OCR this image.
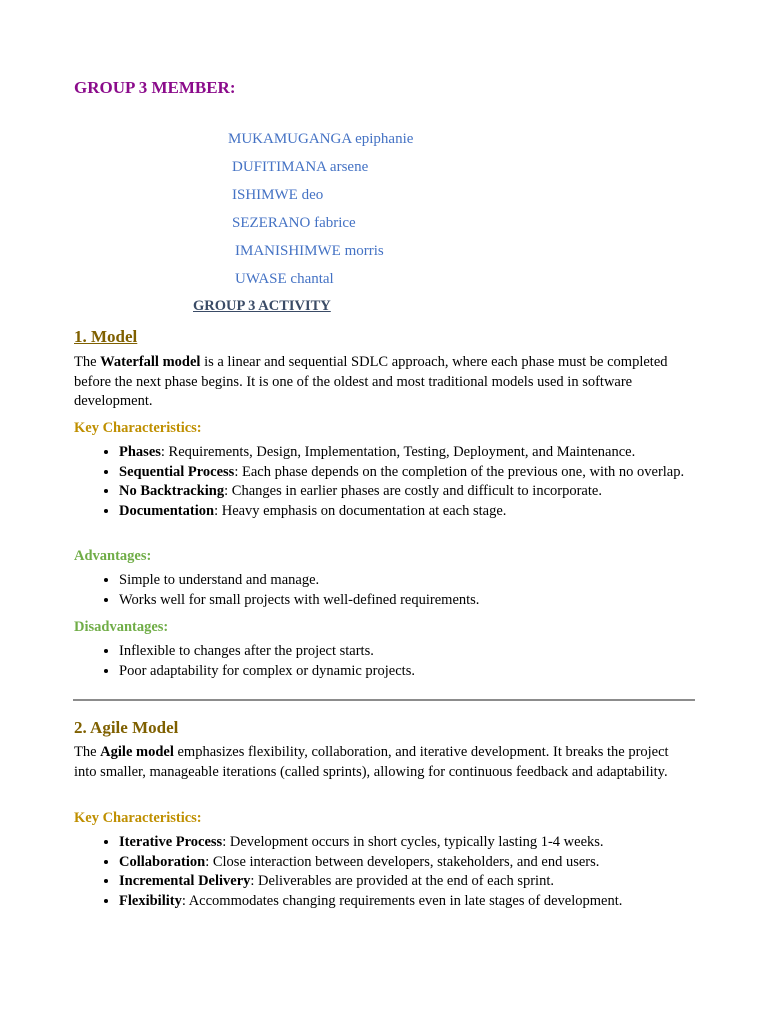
GROUP 3 MEMBER:
MUKAMUGANGA epiphanie
DUFITIMANA arsene
ISHIMWE deo
SEZERANO fabrice
IMANISHIMWE morris
UWASE chantal
GROUP 3 ACTIVITY
1. Model
The Waterfall model is a linear and sequential SDLC approach, where each phase must be completed before the next phase begins. It is one of the oldest and most traditional models used in software development.
Key Characteristics:
• Phases: Requirements, Design, Implementation, Testing, Deployment, and Maintenance.
• Sequential Process: Each phase depends on the completion of the previous one, with no overlap.
• No Backtracking: Changes in earlier phases are costly and difficult to incorporate.
• Documentation: Heavy emphasis on documentation at each stage.
Advantages:
• Simple to understand and manage.
• Works well for small projects with well-defined requirements.
Disadvantages:
• Inflexible to changes after the project starts.
• Poor adaptability for complex or dynamic projects.
2. Agile Model
The Agile model emphasizes flexibility, collaboration, and iterative development. It breaks the project into smaller, manageable iterations (called sprints), allowing for continuous feedback and adaptability.
Key Characteristics:
• Iterative Process: Development occurs in short cycles, typically lasting 1-4 weeks.
• Collaboration: Close interaction between developers, stakeholders, and end users.
• Incremental Delivery: Deliverables are provided at the end of each sprint.
• Flexibility: Accommodates changing requirements even in late stages of development.
